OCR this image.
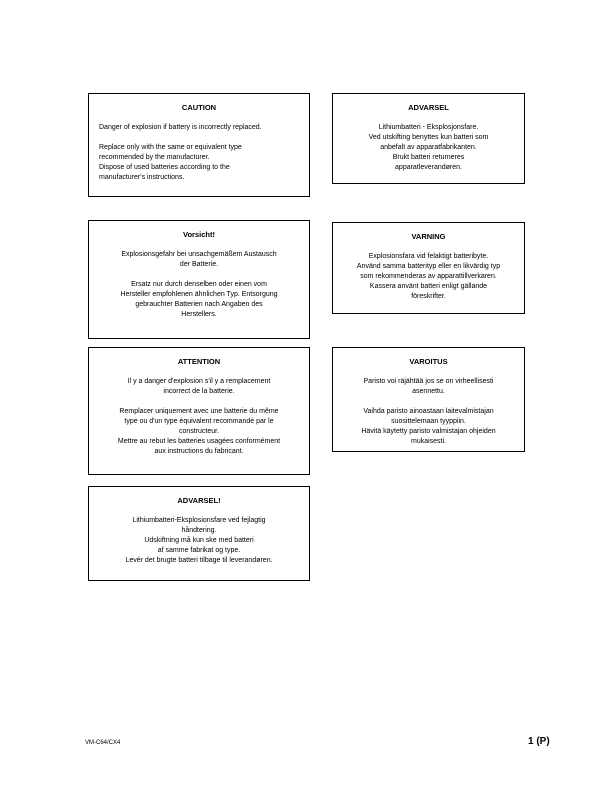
CAUTION
Danger of explosion if battery is incorrectly replaced.
Replace only with the same or equivalent type
recommended by the manufacturer.
Dispose of used batteries according to the
manufacturer's instructions.
ADVARSEL
Lithiumbatteri - Eksplosjonsfare.
Ved utskifting benyttes kun batteri som
anbefalt av apparatfabrikanten.
Brukt batteri returneres
apparatleverandøren.
Vorsicht!
Explosionsgefahr bei unsachgemäßem Austausch
der Batterie.
Ersatz nur durch denselben oder einen vom
Hersteller empfohlenen ähnlichen Typ. Entsorgung
gebrauchter Batterien nach Angaben des
Herstellers.
VARNING
Explosionsfara vid felaktigt batteribyte.
Använd samma batterityp eller en likvärdig typ
som rekommenderas av apparattillverkaren.
Kassera använt batteri enligt gällande
föreskrifter.
ATTENTION
Il y a danger d'explosion s'il y a remplacement
incorrect de la batterie.
Remplacer uniquement avec une batterie du même
type ou d'un type équivalent recommandé par le
constructeur.
Mettre au rebut les batteries usagées conformément
aux instructions du fabricant.
VAROITUS
Paristo voi räjähtää jos se on virheellisesti
asennettu.
Vaihda paristo ainoastaan laitevalmistajan
suosittelemaan tyyppiin.
Hävitä käytetty paristo valmistajan ohjeiden
mukaisesti.
ADVARSEL!
Lithiumbatteri-Eksplosionsfare ved fejlagtig
håndtering.
Udskiftning må kun ske med batteri
af samme fabrikat og type.
Levér det brugte batteri tilbage til leverandøren.
VM-C64/CX4	1 (P)
